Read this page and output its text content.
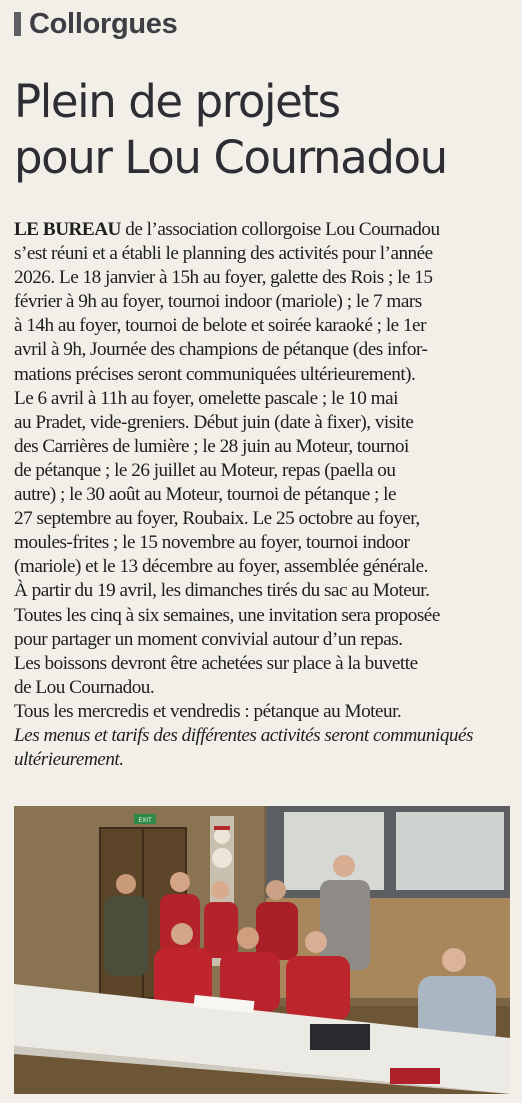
Collorgues
Plein de projets
pour Lou Cournadou
LE BUREAU de l’association collorgoise Lou Cournadou
s’est réuni et a établi le planning des activités pour l’année
2026. Le 18 janvier à 15h au foyer, galette des Rois ; le 15
février à 9h au foyer, tournoi indoor (mariole) ; le 7 mars
à 14h au foyer, tournoi de belote et soirée karaoké ; le 1er
avril à 9h, Journée des champions de pétanque (des infor-
mations précises seront communiquées ultérieurement).
Le 6 avril à 11h au foyer, omelette pascale ; le 10 mai
au Pradet, vide-greniers. Début juin (date à fixer), visite
des Carrières de lumière ; le 28 juin au Moteur, tournoi
de pétanque ; le 26 juillet au Moteur, repas (paella ou
autre) ; le 30 août au Moteur, tournoi de pétanque ; le
27 septembre au foyer, Roubaix. Le 25 octobre au foyer,
moules-frites ; le 15 novembre au foyer, tournoi indoor
(mariole) et le 13 décembre au foyer, assemblée générale.
À partir du 19 avril, les dimanches tirés du sac au Moteur.
Toutes les cinq à six semaines, une invitation sera proposée
pour partager un moment convivial autour d’un repas.
Les boissons devront être achetées sur place à la buvette
de Lou Cournadou.
Tous les mercredis et vendredis : pétanque au Moteur.
Les menus et tarifs des différentes activités seront communiqués
ultérieurement.
EXIT
